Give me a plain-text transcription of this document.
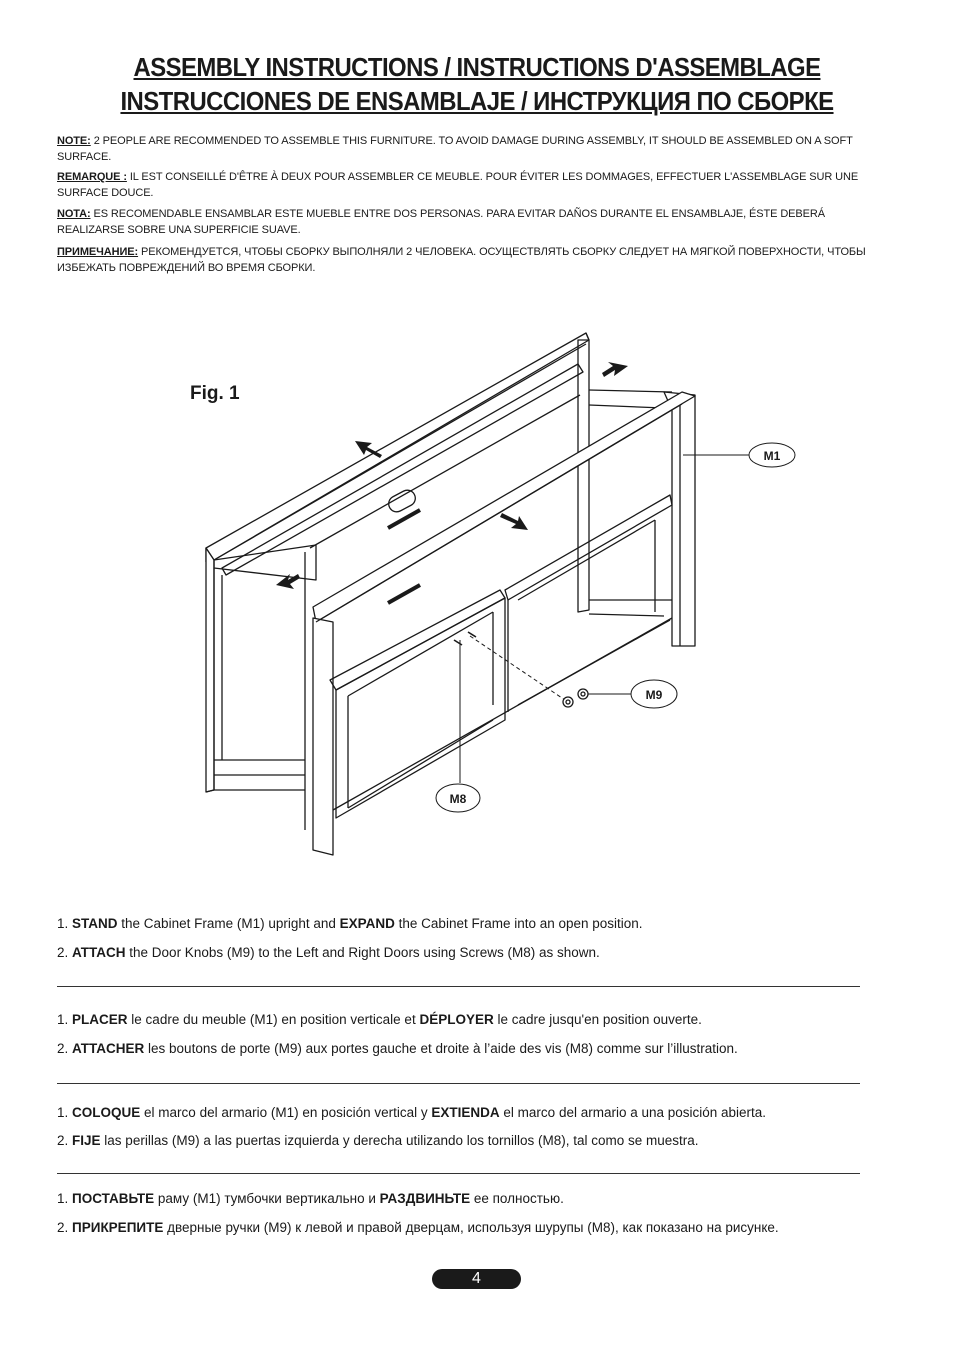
ASSEMBLY INSTRUCTIONS / INSTRUCTIONS D'ASSEMBLAGE
INSTRUCCIONES DE ENSAMBLAJE / ИНСТРУКЦИЯ ПО СБОРКЕ
NOTE: 2 PEOPLE ARE RECOMMENDED TO ASSEMBLE THIS FURNITURE. TO AVOID DAMAGE DURING ASSEMBLY, IT SHOULD BE ASSEMBLED ON A SOFT SURFACE.
REMARQUE : IL EST CONSEILLÉ D'ÊTRE À DEUX POUR ASSEMBLER CE MEUBLE. POUR ÉVITER LES DOMMAGES, EFFECTUER L'ASSEMBLAGE SUR UNE SURFACE DOUCE.
NOTA: ES RECOMENDABLE ENSAMBLAR ESTE MUEBLE ENTRE DOS PERSONAS. PARA EVITAR DAÑOS DURANTE EL ENSAMBLAJE, ÉSTE DEBERÁ REALIZARSE SOBRE UNA SUPERFICIE SUAVE.
ПРИМЕЧАНИЕ: РЕКОМЕНДУЕТСЯ, ЧТОБЫ СБОРКУ ВЫПОЛНЯЛИ 2 ЧЕЛОВЕКА. ОСУЩЕСТВЛЯТЬ СБОРКУ СЛЕДУЕТ НА МЯГКОЙ ПОВЕРХНОСТИ, ЧТОБЫ ИЗБЕЖАТЬ ПОВРЕЖДЕНИЙ ВО ВРЕМЯ СБОРКИ.
M1
M9
M8
Fig. 1
1. STAND the Cabinet Frame (M1) upright and EXPAND the Cabinet Frame into an open position.
2. ATTACH the Door Knobs (M9) to the Left and Right Doors using Screws (M8) as shown.
1. PLACER le cadre du meuble (M1) en position verticale et DÉPLOYER le cadre jusqu'en position ouverte.
2. ATTACHER les boutons de porte (M9) aux portes gauche et droite à l’aide des vis (M8) comme sur l’illustration.
1. COLOQUE el marco del armario (M1) en posición vertical y EXTIENDA el marco del armario a una posición abierta.
2. FIJE las perillas (M9) a las puertas izquierda y derecha utilizando los tornillos (M8), tal como se muestra.
1. ПОСТАВЬТЕ раму (M1) тумбочки вертикально и РАЗДВИНЬТЕ ее полностью.
2. ПРИКРЕПИТЕ дверные ручки (M9) к левой и правой дверцам, используя шурупы (M8), как показано на рисунке.
4
